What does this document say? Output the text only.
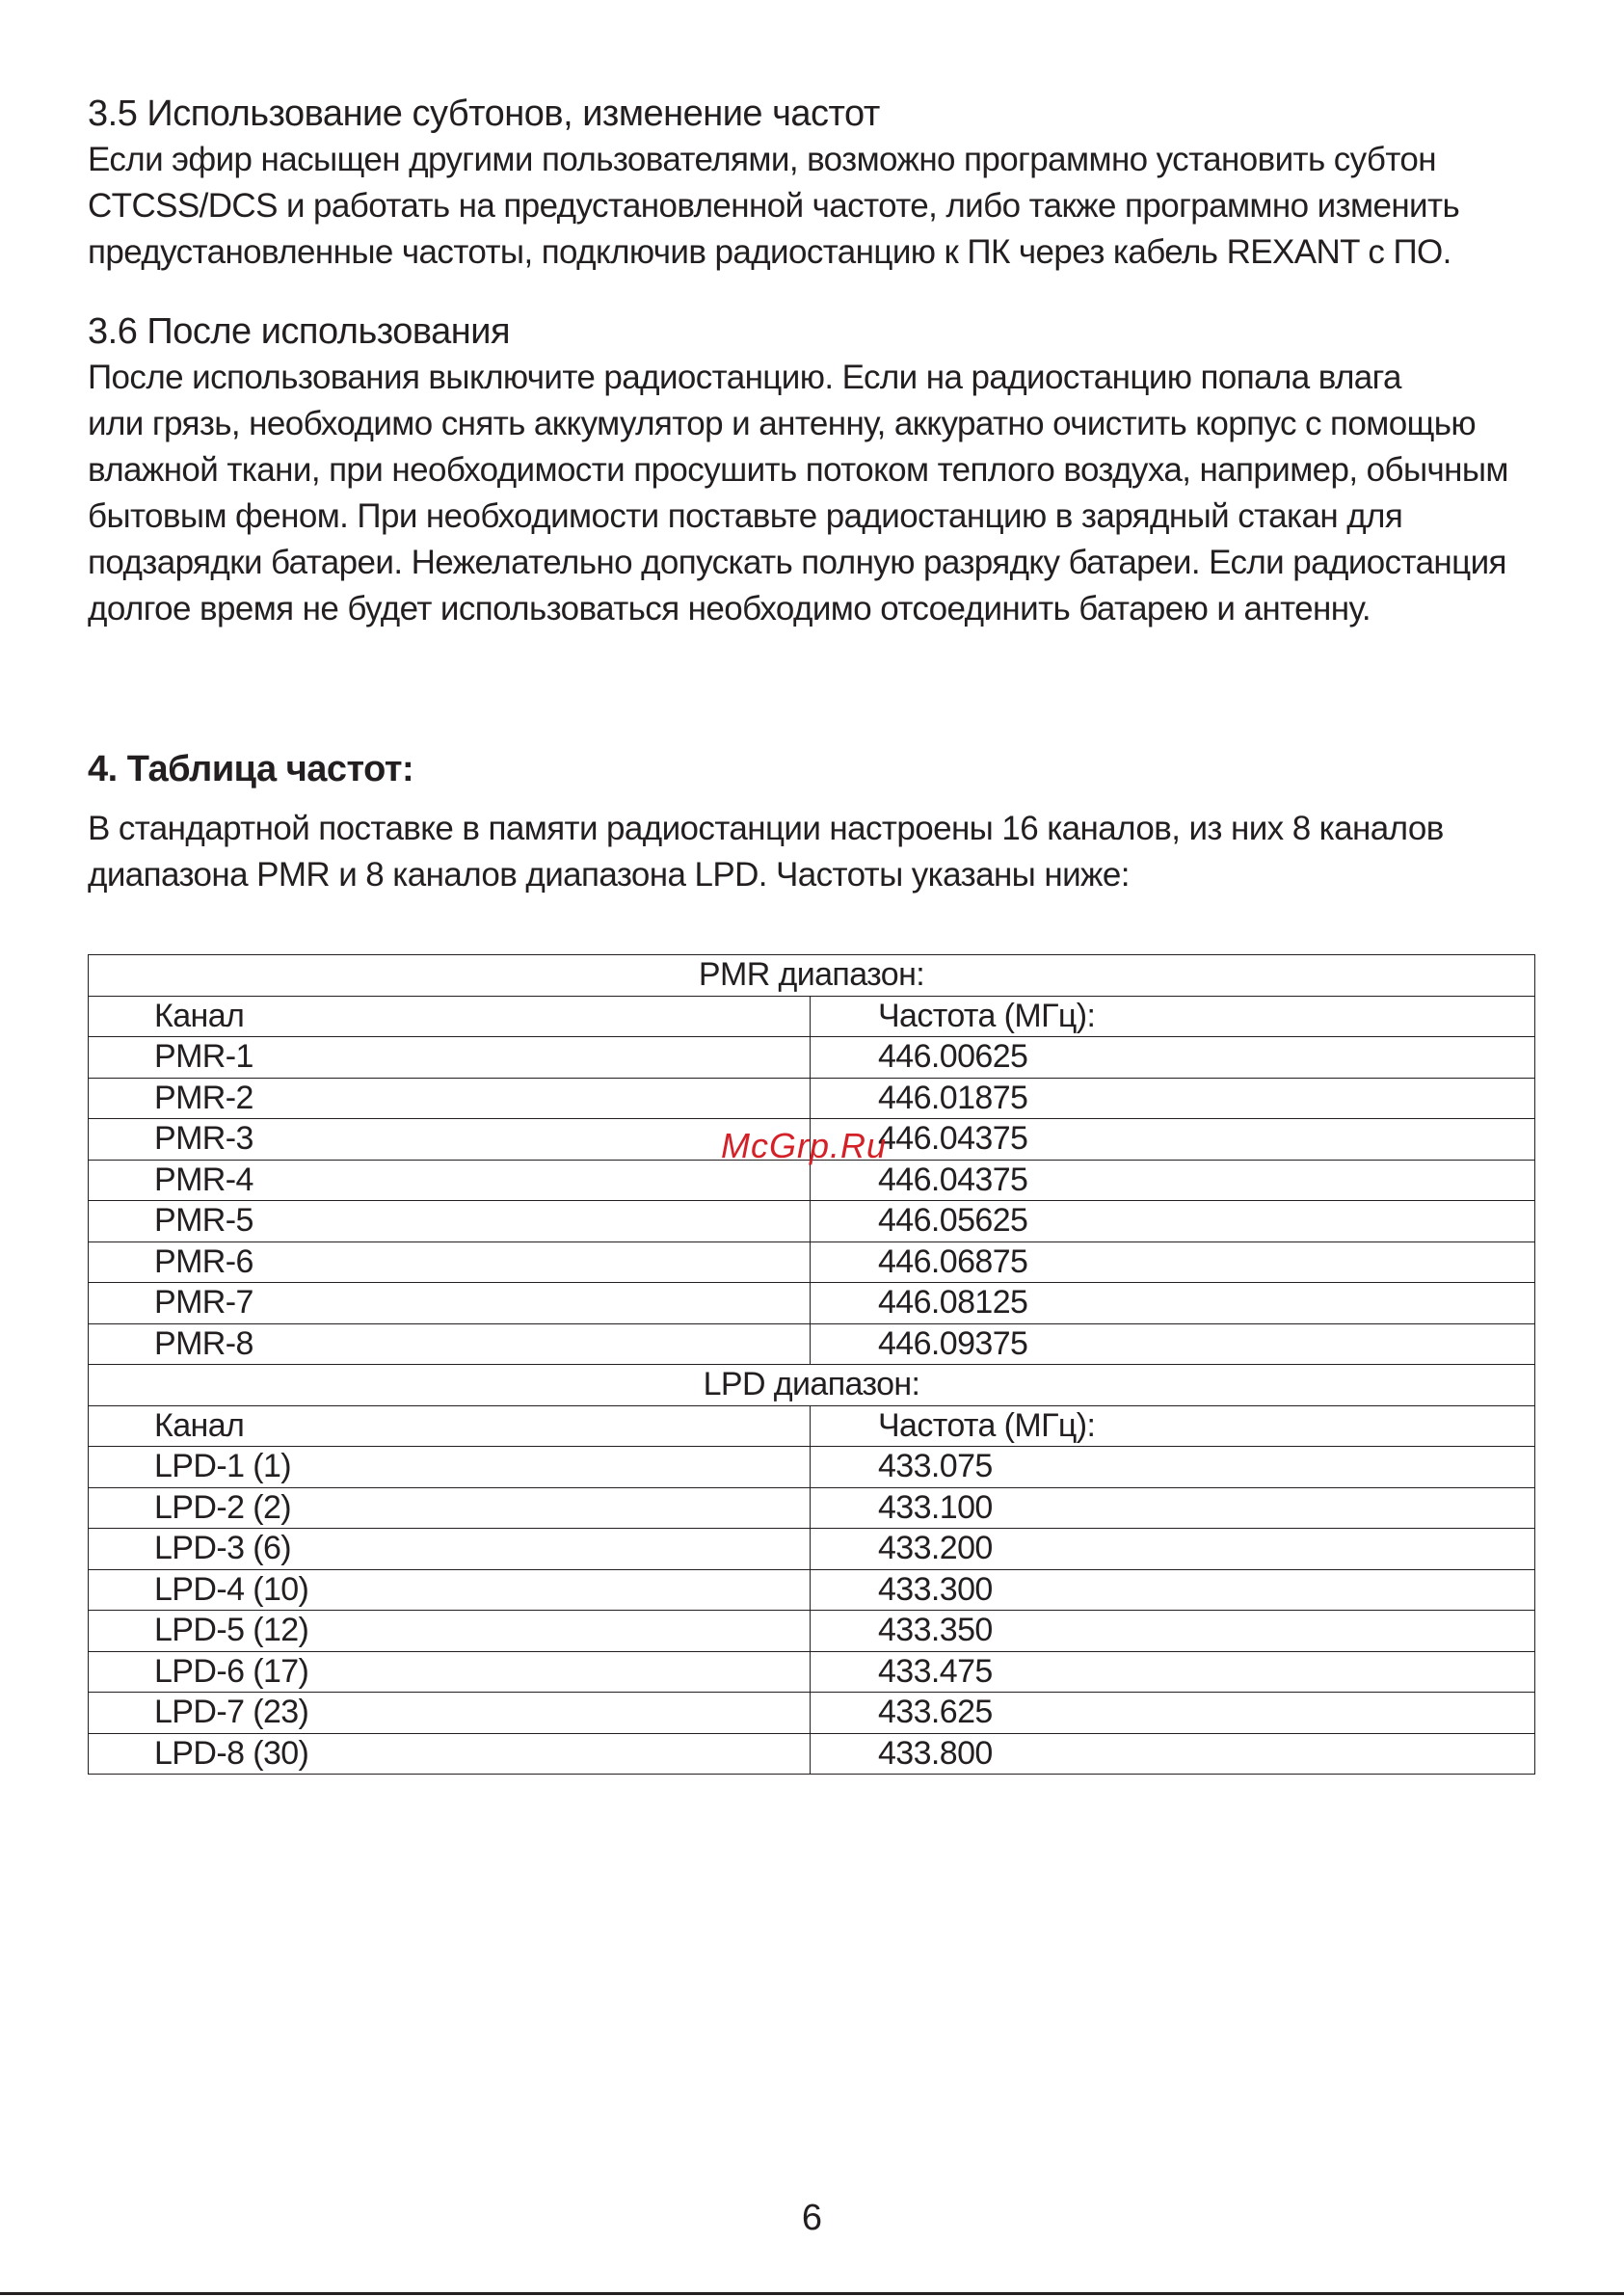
3.5 Использование субтонов, изменение частот

Если эфир насыщен другими пользователями, возможно программно установить субтон
CTCSS/DCS и работать на предустановленной частоте, либо также программно изменить
предустановленные частоты, подключив радиостанцию к ПК через кабель REXANT с ПО.

3.6 После использования

После использования выключите радиостанцию. Если на радиостанцию попала влага
или грязь, необходимо снять аккумулятор и антенну, аккуратно очистить корпус с помощью
влажной ткани, при необходимости просушить потоком теплого воздуха, например, обычным
бытовым феном. При необходимости поставьте радиостанцию в зарядный стакан для
подзарядки батареи. Нежелательно допускать полную разрядку батареи. Если радиостанция
долгое время не будет использоваться необходимо отсоединить батарею и антенну.

4. Таблица частот:

В стандартной поставке в памяти радиостанции настроены 16 каналов, из них 8 каналов
диапазона PMR и 8 каналов диапазона LPD. Частоты указаны ниже:

PMR диапазон:	
Канал	Частота (МГц):
PMR-1	446.00625
PMR-2	446.01875
PMR-3	446.04375
PMR-4	446.04375
PMR-5	446.05625
PMR-6	446.06875
PMR-7	446.08125
PMR-8	446.09375
LPD диапазон:	
Канал	Частота (МГц):
LPD-1 (1)	433.075
LPD-2 (2)	433.100
LPD-3 (6)	433.200
LPD-4 (10)	433.300
LPD-5 (12)	433.350
LPD-6 (17)	433.475
LPD-7 (23)	433.625
LPD-8 (30)	433.800
McGrp.Ru
6
